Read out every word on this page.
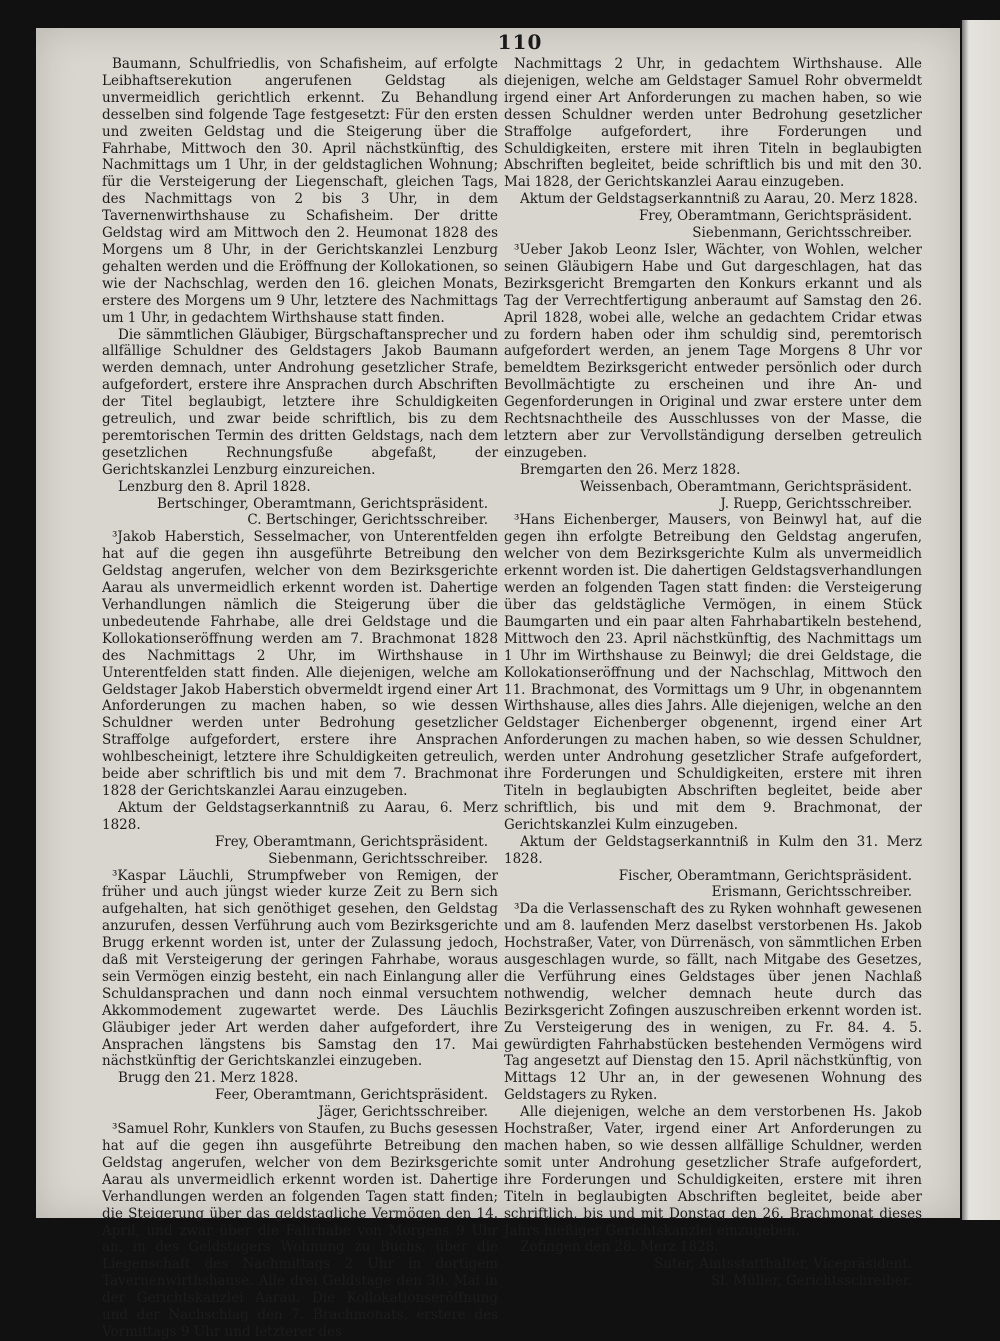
110

Baumann, Schulfriedlis, von Schafisheim, auf erfolgte Leibhaftserekution angerufenen Geldstag als unvermeidlich gerichtlich erkennt. Zu Behandlung desselben sind folgende Tage festgesetzt: Für den ersten und zweiten Geldstag und die Steigerung über die Fahrhabe, Mittwoch den 30. April nächstkünftig, des Nachmittags um 1 Uhr, in der geldstaglichen Wohnung; für die Versteigerung der Liegenschaft, gleichen Tags, des Nachmittags von 2 bis 3 Uhr, in dem Tavernenwirthshause zu Schafisheim. Der dritte Geldstag wird am Mittwoch den 2. Heumonat 1828 des Morgens um 8 Uhr, in der Gerichtskanzlei Lenzburg gehalten werden und die Eröffnung der Kollokationen, so wie der Nachschlag, werden den 16. gleichen Monats, erstere des Morgens um 9 Uhr, letztere des Nachmittags um 1 Uhr, in gedachtem Wirthshause statt finden.

Die sämmtlichen Gläubiger, Bürgschaftansprecher und allfällige Schuldner des Geldstagers Jakob Baumann werden demnach, unter Androhung gesetzlicher Strafe, aufgefordert, erstere ihre Ansprachen durch Abschriften der Titel beglaubigt, letztere ihre Schuldigkeiten getreulich, und zwar beide schriftlich, bis zu dem peremtorischen Termin des dritten Geldstags, nach dem gesetzlichen Rechnungsfuße abgefaßt, der Gerichtskanzlei Lenzburg einzureichen.

Lenzburg den 8. April 1828.

Bertschinger, Oberamtmann, Gerichtspräsident.

C. Bertschinger, Gerichtsschreiber.

³Jakob Haberstich, Sesselmacher, von Unterentfelden hat auf die gegen ihn ausgeführte Betreibung den Geldstag angerufen, welcher von dem Bezirksgerichte Aarau als unvermeidlich erkennt worden ist. Dahertige Verhandlungen nämlich die Steigerung über die unbedeutende Fahrhabe, alle drei Geldstage und die Kollokationseröffnung werden am 7. Brachmonat 1828 des Nachmittags 2 Uhr, im Wirthshause in Unterentfelden statt finden. Alle diejenigen, welche am Geldstager Jakob Haberstich obvermeldt irgend einer Art Anforderungen zu machen haben, so wie dessen Schuldner werden unter Bedrohung gesetzlicher Straffolge aufgefordert, erstere ihre Ansprachen wohlbescheinigt, letztere ihre Schuldigkeiten getreulich, beide aber schriftlich bis und mit dem 7. Brachmonat 1828 der Gerichtskanzlei Aarau einzugeben.

Aktum der Geldstagserkanntniß zu Aarau, 6. Merz 1828.

Frey, Oberamtmann, Gerichtspräsident.

Siebenmann, Gerichtsschreiber.

³Kaspar Läuchli, Strumpfweber von Remigen, der früher und auch jüngst wieder kurze Zeit zu Bern sich aufgehalten, hat sich genöthiget gesehen, den Geldstag anzurufen, dessen Verführung auch vom Bezirksgerichte Brugg erkennt worden ist, unter der Zulassung jedoch, daß mit Versteigerung der geringen Fahrhabe, woraus sein Vermögen einzig besteht, ein nach Einlangung aller Schuldansprachen und dann noch einmal versuchtem Akkommodement zugewartet werde. Des Läuchlis Gläubiger jeder Art werden daher aufgefordert, ihre Ansprachen längstens bis Samstag den 17. Mai nächstkünftig der Gerichtskanzlei einzugeben.

Brugg den 21. Merz 1828.

Feer, Oberamtmann, Gerichtspräsident.

Jäger, Gerichtsschreiber.

³Samuel Rohr, Kunklers von Staufen, zu Buchs gesessen hat auf die gegen ihn ausgeführte Betreibung den Geldstag angerufen, welcher von dem Bezirksgerichte Aarau als unvermeidlich erkennt worden ist. Dahertige Verhandlungen werden an folgenden Tagen statt finden; die Steigerung über das geldstagliche Vermögen den 14. April, und zwar über die Fahrhabe von Morgens 9 Uhr an, in des Geldstagers Wohnung zu Buchs, über die Liegenschaft des Nachmittags 2 Uhr in dortigem Tavernenwirthshause. Alle drei Geldstage den 30. Mai in der Gerichtskanzlei Aarau. Die Kollokationseröffnung und der Nachschlag den 7. Brachmonats, erstere des Vormittags 9 Uhr und letzterer des

Nachmittags 2 Uhr, in gedachtem Wirthshause. Alle diejenigen, welche am Geldstager Samuel Rohr obvermeldt irgend einer Art Anforderungen zu machen haben, so wie dessen Schuldner werden unter Bedrohung gesetzlicher Straffolge aufgefordert, ihre Forderungen und Schuldigkeiten, erstere mit ihren Titeln in beglaubigten Abschriften begleitet, beide schriftlich bis und mit den 30. Mai 1828, der Gerichtskanzlei Aarau einzugeben.

Aktum der Geldstagserkanntniß zu Aarau, 20. Merz 1828.

Frey, Oberamtmann, Gerichtspräsident.

Siebenmann, Gerichtsschreiber.

³Ueber Jakob Leonz Isler, Wächter, von Wohlen, welcher seinen Gläubigern Habe und Gut dargeschlagen, hat das Bezirksgericht Bremgarten den Konkurs erkannt und als Tag der Verrechtfertigung anberaumt auf Samstag den 26. April 1828, wobei alle, welche an gedachtem Cridar etwas zu fordern haben oder ihm schuldig sind, peremtorisch aufgefordert werden, an jenem Tage Morgens 8 Uhr vor bemeldtem Bezirksgericht entweder persönlich oder durch Bevollmächtigte zu erscheinen und ihre An- und Gegenforderungen in Original und zwar erstere unter dem Rechtsnachtheile des Ausschlusses von der Masse, die letztern aber zur Vervollständigung derselben getreulich einzugeben.

Bremgarten den 26. Merz 1828.

Weissenbach, Oberamtmann, Gerichtspräsident.

J. Ruepp, Gerichtsschreiber.

³Hans Eichenberger, Mausers, von Beinwyl hat, auf die gegen ihn erfolgte Betreibung den Geldstag angerufen, welcher von dem Bezirksgerichte Kulm als unvermeidlich erkennt worden ist. Die dahertigen Geldstagsverhandlungen werden an folgenden Tagen statt finden: die Versteigerung über das geldstägliche Vermögen, in einem Stück Baumgarten und ein paar alten Fahrhabartikeln bestehend, Mittwoch den 23. April nächstkünftig, des Nachmittags um 1 Uhr im Wirthshause zu Beinwyl; die drei Geldstage, die Kollokationseröffnung und der Nachschlag, Mittwoch den 11. Brachmonat, des Vormittags um 9 Uhr, in obgenanntem Wirthshause, alles dies Jahrs. Alle diejenigen, welche an den Geldstager Eichenberger obgenennt, irgend einer Art Anforderungen zu machen haben, so wie dessen Schuldner, werden unter Androhung gesetzlicher Strafe aufgefordert, ihre Forderungen und Schuldigkeiten, erstere mit ihren Titeln in beglaubigten Abschriften begleitet, beide aber schriftlich, bis und mit dem 9. Brachmonat, der Gerichtskanzlei Kulm einzugeben.

Aktum der Geldstagserkanntniß in Kulm den 31. Merz 1828.

Fischer, Oberamtmann, Gerichtspräsident.

Erismann, Gerichtsschreiber.

³Da die Verlassenschaft des zu Ryken wohnhaft gewesenen und am 8. laufenden Merz daselbst verstorbenen Hs. Jakob Hochstraßer, Vater, von Dürrenäsch, von sämmtlichen Erben ausgeschlagen wurde, so fällt, nach Mitgabe des Gesetzes, die Verführung eines Geldstages über jenen Nachlaß nothwendig, welcher demnach heute durch das Bezirksgericht Zofingen auszuschreiben erkennt worden ist. Zu Versteigerung des in wenigen, zu Fr. 84. 4. 5. gewürdigten Fahrhabstücken bestehenden Vermögens wird Tag angesetzt auf Dienstag den 15. April nächstkünftig, von Mittags 12 Uhr an, in der gewesenen Wohnung des Geldstagers zu Ryken.

Alle diejenigen, welche an dem verstorbenen Hs. Jakob Hochstraßer, Vater, irgend einer Art Anforderungen zu machen haben, so wie dessen allfällige Schuldner, werden somit unter Androhung gesetzlicher Strafe aufgefordert, ihre Forderungen und Schuldigkeiten, erstere mit ihren Titeln in beglaubigten Abschriften begleitet, beide aber schriftlich, bis und mit Donstag den 26. Brachmonat dieses Jahrs hießiger Gerichtskanzlei einzugeben.

Zofingen den 28. Merz 1828.

Suter, Amtsstatthalter, Vicepräsident.

Sl. Müller, Gerichtsschreiber.
